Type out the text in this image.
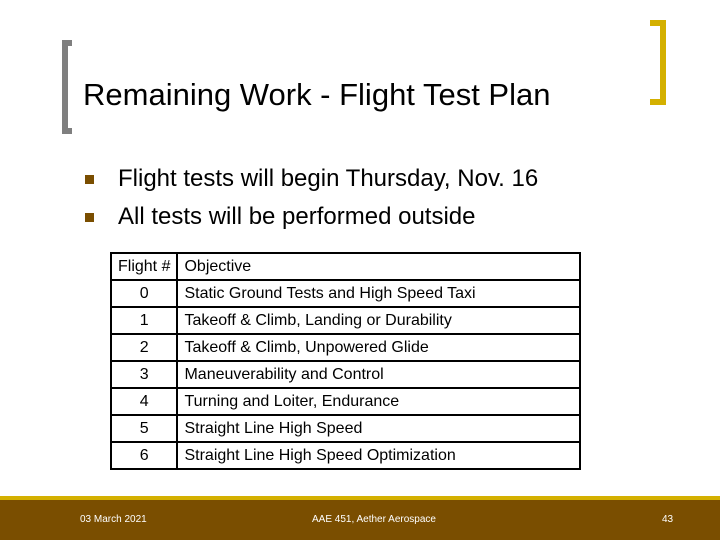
Remaining Work - Flight Test Plan
Flight tests will begin Thursday, Nov. 16
All tests will be performed outside
Flight #	Objective
0	Static Ground Tests and High Speed Taxi
1	Takeoff & Climb, Landing or Durability
2	Takeoff & Climb, Unpowered Glide
3	Maneuverability and Control
4	Turning and Loiter, Endurance
5	Straight Line High Speed
6	Straight Line High Speed Optimization
03 March 2021	AAE 451, Aether Aerospace	43
